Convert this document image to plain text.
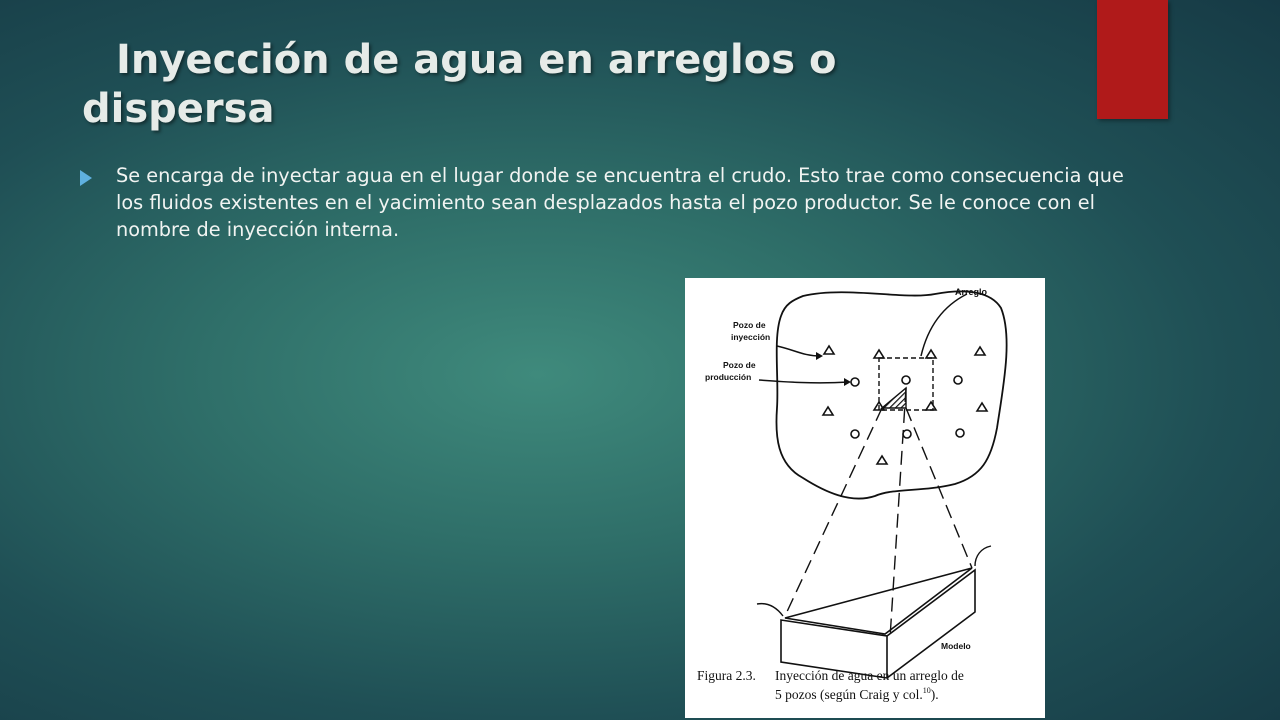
Inyección de agua en arreglos o
dispersa
Se encarga de inyectar agua en el lugar donde se encuentra el crudo. Esto trae como consecuencia que los fluidos existentes en el yacimiento sean desplazados hasta el pozo productor. Se le conoce con el nombre de inyección interna.
Arreglo
Pozo de
inyección
Pozo de
producción
Modelo
Figura 2.3. Inyección de agua en un arreglo de
5 pozos (según Craig y col.$^{10}$).
